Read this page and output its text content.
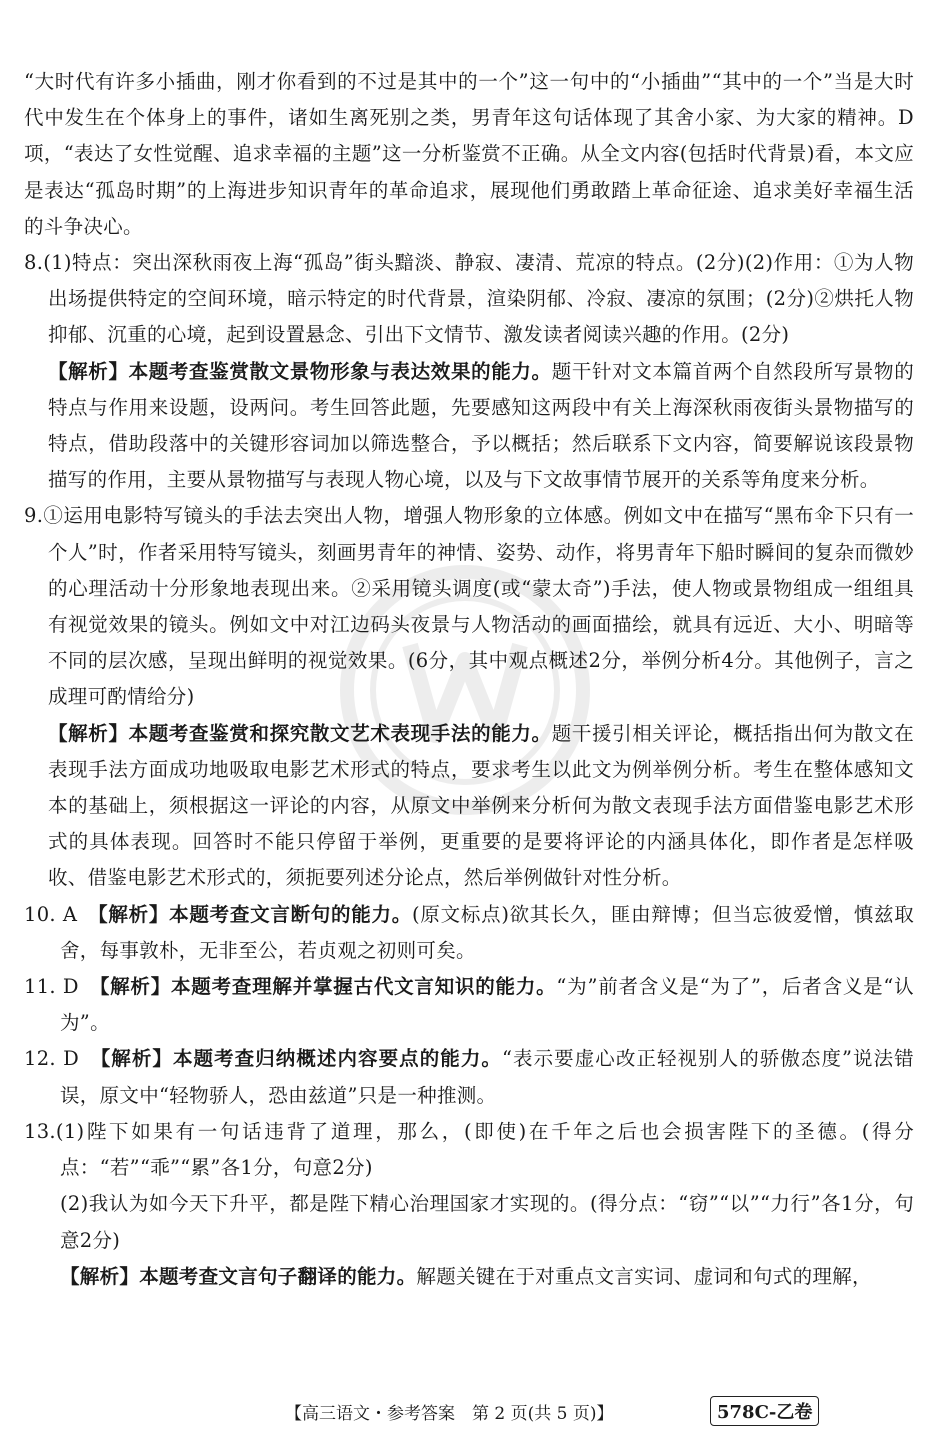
“大时代有许多小插曲，刚才你看到的不过是其中的一个”这一句中的“小插曲”“其中的一个”当是大时代中发生在个体身上的事件，诸如生离死别之类，男青年这句话体现了其舍小家、为大家的精神。D项，“表达了女性觉醒、追求幸福的主题”这一分析鉴赏不正确。从全文内容(包括时代背景)看，本文应是表达“孤岛时期”的上海进步知识青年的革命追求，展现他们勇敢踏上革命征途、追求美好幸福生活的斗争决心。

8.(1)特点：突出深秋雨夜上海“孤岛”街头黯淡、静寂、凄清、荒凉的特点。(2分)(2)作用：①为人物出场提供特定的空间环境，暗示特定的时代背景，渲染阴郁、冷寂、凄凉的氛围；(2分)②烘托人物抑郁、沉重的心境，起到设置悬念、引出下文情节、激发读者阅读兴趣的作用。(2分)

【解析】本题考查鉴赏散文景物形象与表达效果的能力。题干针对文本篇首两个自然段所写景物的特点与作用来设题，设两问。考生回答此题，先要感知这两段中有关上海深秋雨夜街头景物描写的特点，借助段落中的关键形容词加以筛选整合，予以概括；然后联系下文内容，简要解说该段景物描写的作用，主要从景物描写与表现人物心境，以及与下文故事情节展开的关系等角度来分析。

9.①运用电影特写镜头的手法去突出人物，增强人物形象的立体感。例如文中在描写“黑布伞下只有一个人”时，作者采用特写镜头，刻画男青年的神情、姿势、动作，将男青年下船时瞬间的复杂而微妙的心理活动十分形象地表现出来。②采用镜头调度(或“蒙太奇”)手法，使人物或景物组成一组组具有视觉效果的镜头。例如文中对江边码头夜景与人物活动的画面描绘，就具有远近、大小、明暗等不同的层次感，呈现出鲜明的视觉效果。(6分，其中观点概述2分，举例分析4分。其他例子，言之成理可酌情给分)

【解析】本题考查鉴赏和探究散文艺术表现手法的能力。题干援引相关评论，概括指出何为散文在表现手法方面成功地吸取电影艺术形式的特点，要求考生以此文为例举例分析。考生在整体感知文本的基础上，须根据这一评论的内容，从原文中举例来分析何为散文表现手法方面借鉴电影艺术形式的具体表现。回答时不能只停留于举例，更重要的是要将评论的内涵具体化，即作者是怎样吸收、借鉴电影艺术形式的，须扼要列述分论点，然后举例做针对性分析。

10. A　【解析】本题考查文言断句的能力。(原文标点)欲其长久，匪由辩博；但当忘彼爱憎，慎兹取舍，每事敦朴，无非至公，若贞观之初则可矣。

11. D　【解析】本题考查理解并掌握古代文言知识的能力。“为”前者含义是“为了”，后者含义是“认为”。

12. D　【解析】本题考查归纳概述内容要点的能力。“表示要虚心改正轻视别人的骄傲态度”说法错误，原文中“轻物骄人，恐由兹道”只是一种推测。

13.(1)陛下如果有一句话违背了道理，那么，(即使)在千年之后也会损害陛下的圣德。(得分点：“若”“乖”“累”各1分，句意2分)

(2)我认为如今天下升平，都是陛下精心治理国家才实现的。(得分点：“窃”“以”“力行”各1分，句意2分)

【解析】本题考查文言句子翻译的能力。解题关键在于对重点文言实词、虚词和句式的理解，

【高三语文・参考答案　第 2 页(共 5 页)】	578C-乙卷
